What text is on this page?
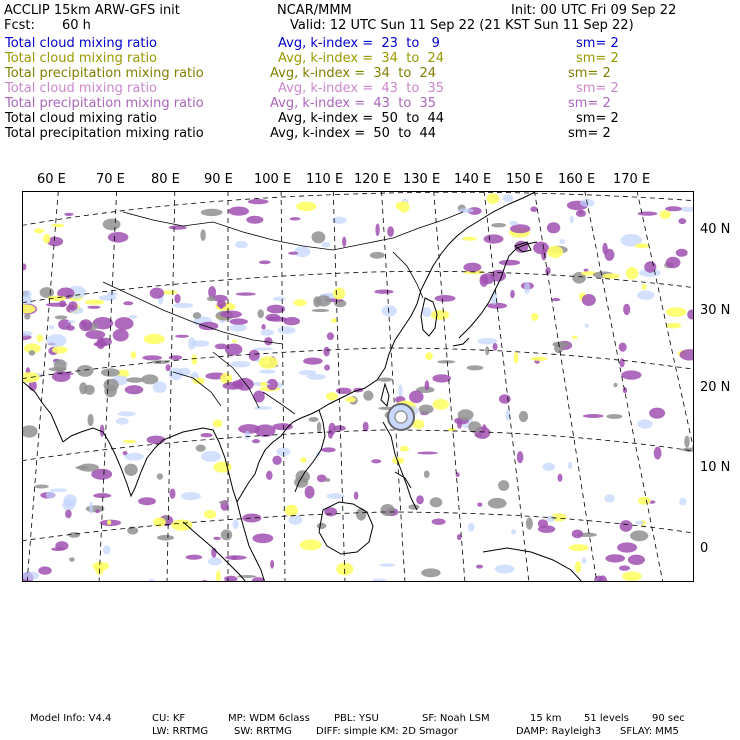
ACCLIP 15km ARW-GFS init	NCAR/MMM	Init: 00 UTC Fri 09 Sep 22
Fcst: 60 h	Valid: 12 UTC Sun 11 Sep 22 (21 KST Sun 11 Sep 22)
Total cloud mixing ratio	Avg, k-index =  23  to   9	sm= 2
Total cloud mixing ratio	Avg, k-index =  34  to  24	sm= 2
Total precipitation mixing ratio	Avg, k-index =  34  to  24	sm= 2
Total cloud mixing ratio	Avg, k-index =  43  to  35	sm= 2
Total precipitation mixing ratio	Avg, k-index =  43  to  35	sm= 2
Total cloud mixing ratio	Avg, k-index =  50  to  44	sm= 2
Total precipitation mixing ratio	Avg, k-index =  50  to  44	sm= 2
60 E 70 E 80 E 90 E 100 E 110 E 120 E 130 E 140 E 150 E 160 E 170 E
40 N
30 N
20 N
10 N
0
Model Info: V4.4	CU: KF	MP: WDM 6class PBL: YSU	SF: Noah LSM	15 km 51 levels 90 sec
LW: RRTMG	SW: RRTMG DIFF: simple KM: 2D Smagor	DAMP: Rayleigh3 SFLAY: MM5
